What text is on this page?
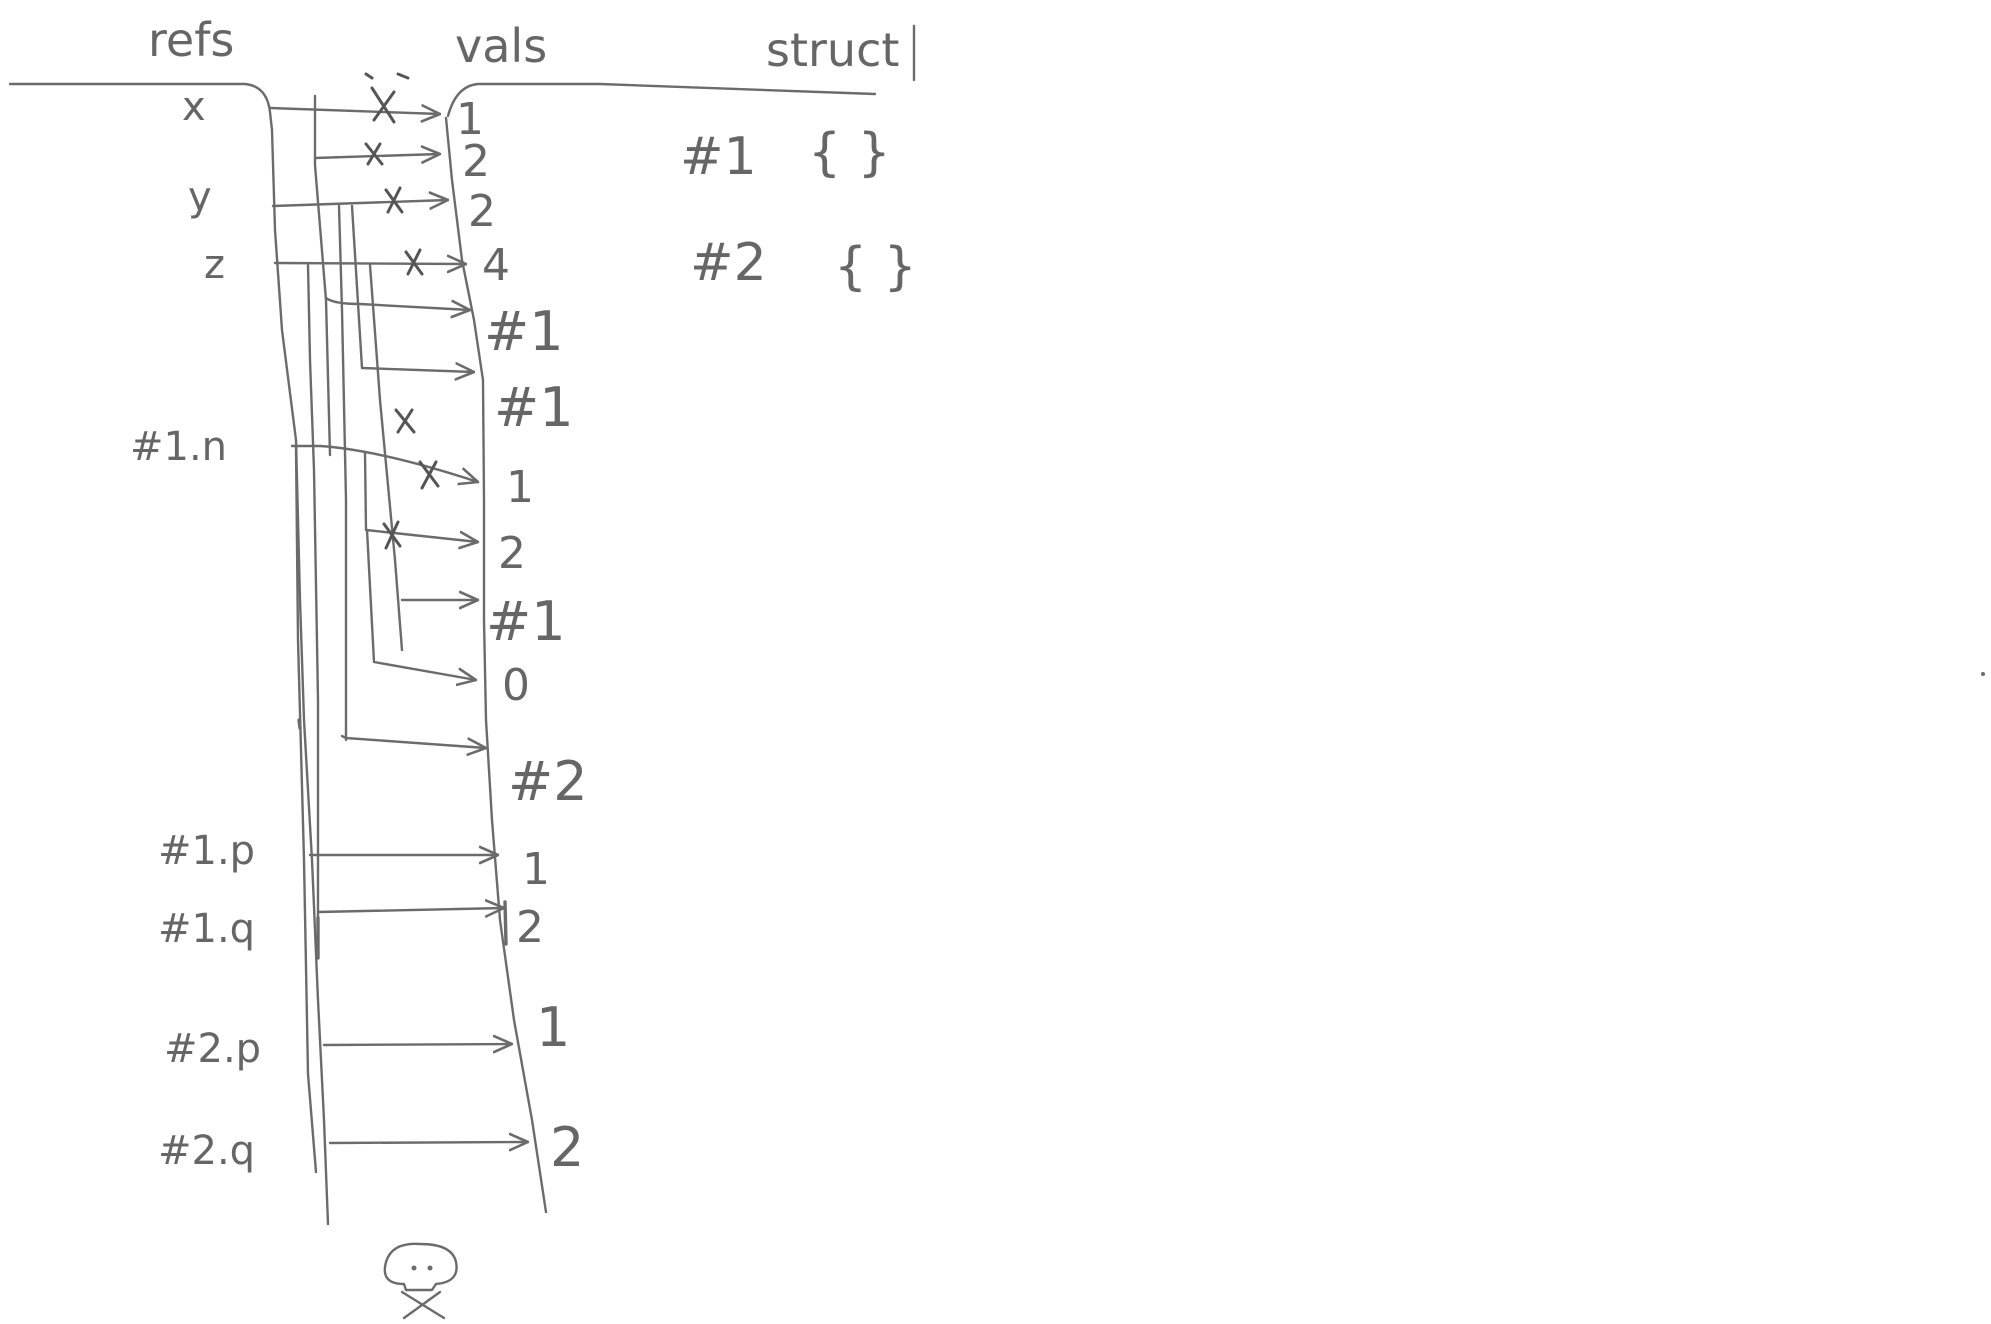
refs	vals	struct
x
y
z
#1.n
#1.p
#1.q
#2.p
#2.q
1
2
2
4
#1
#1
1
2
#1
0
#2
1
2
1
2
#1 { }
#2 { }
